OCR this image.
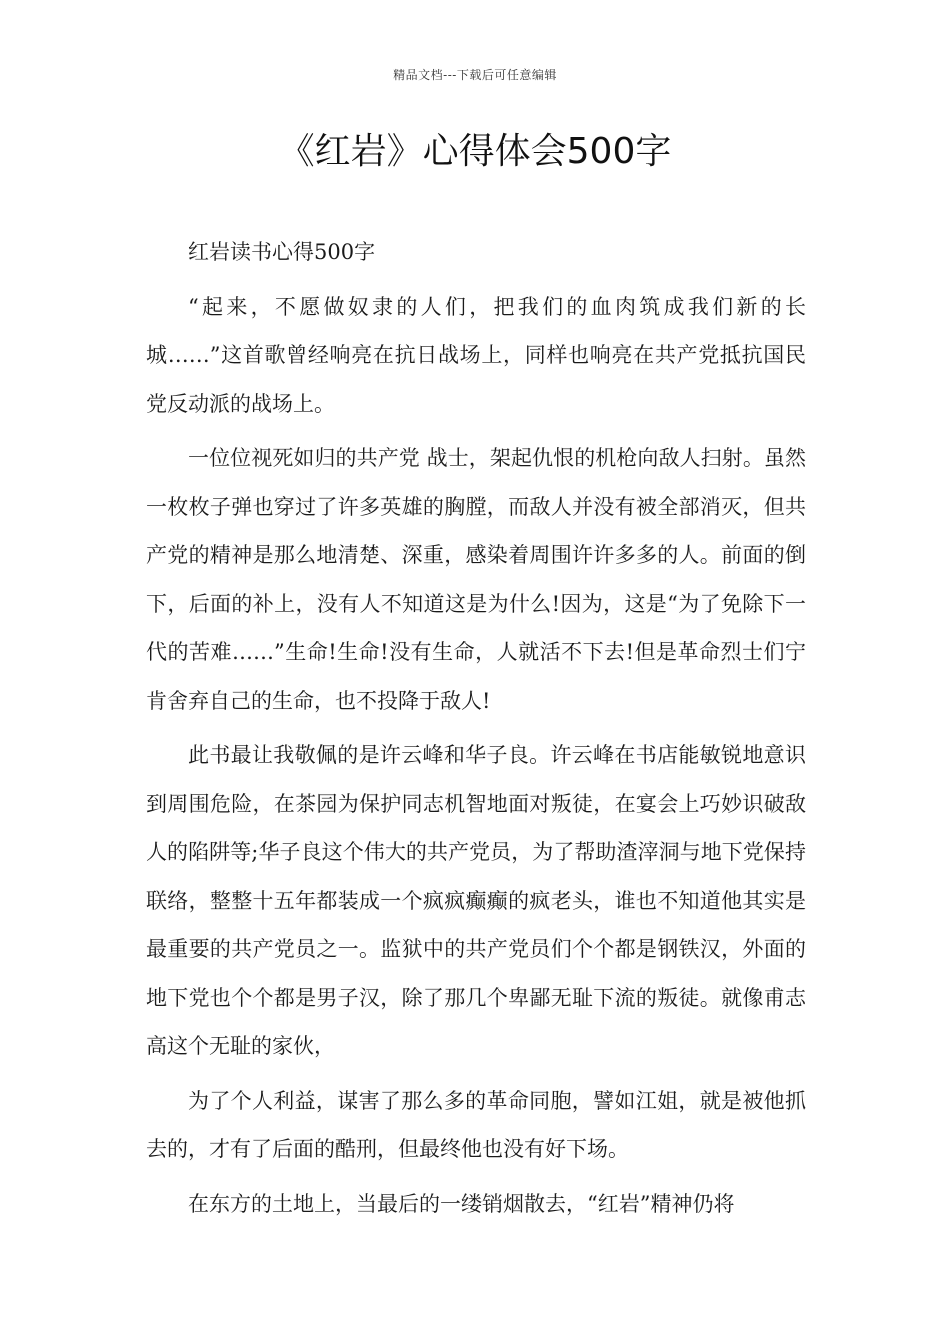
精品文档---下载后可任意编辑
《红岩》心得体会500字

红岩读书心得500字

“起来，不愿做奴隶的人们，把我们的血肉筑成我们新的长城……”这首歌曾经响亮在抗日战场上，同样也响亮在共产党抵抗国民党反动派的战场上。

一位位视死如归的共产党 战士，架起仇恨的机枪向敌人扫射。虽然一枚枚子弹也穿过了许多英雄的胸膛，而敌人并没有被全部消灭，但共产党的精神是那么地清楚、深重，感染着周围许许多多的人。前面的倒下，后面的补上，没有人不知道这是为什么!因为，这是“为了免除下一代的苦难……”生命!生命!没有生命，人就活不下去!但是革命烈士们宁肯舍弃自己的生命，也不投降于敌人!

此书最让我敬佩的是许云峰和华子良。许云峰在书店能敏锐地意识到周围危险，在茶园为保护同志机智地面对叛徒，在宴会上巧妙识破敌人的陷阱等;华子良这个伟大的共产党员，为了帮助渣滓洞与地下党保持联络，整整十五年都装成一个疯疯癫癫的疯老头，谁也不知道他其实是最重要的共产党员之一。监狱中的共产党员们个个都是钢铁汉，外面的地下党也个个都是男子汉，除了那几个卑鄙无耻下流的叛徒。就像甫志高这个无耻的家伙，

为了个人利益，谋害了那么多的革命同胞，譬如江姐，就是被他抓去的，才有了后面的酷刑，但最终他也没有好下场。

在东方的土地上，当最后的一缕销烟散去，“红岩”精神仍将
